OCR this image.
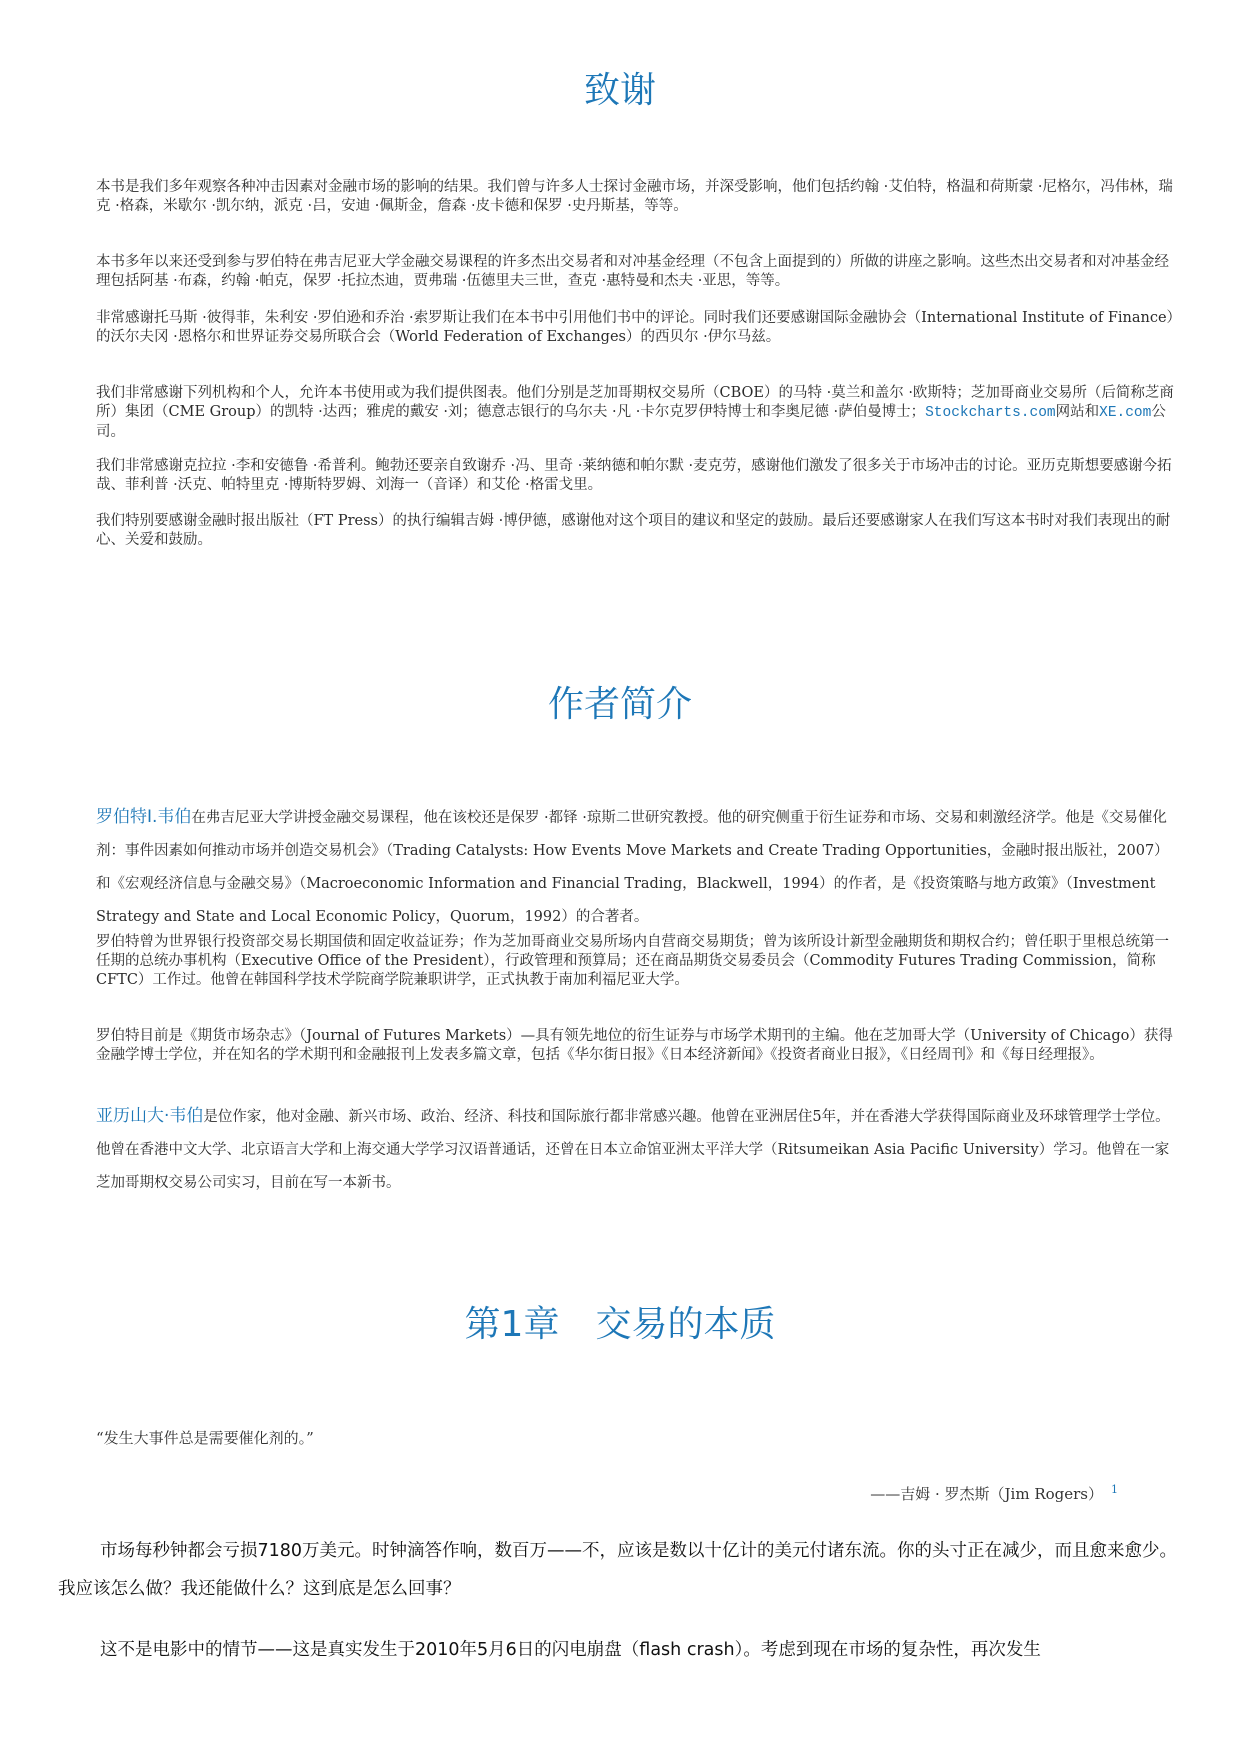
致谢

本书是我们多年观察各种冲击因素对金融市场的影响的结果。我们曾与许多人士探讨金融市场，并深受影响，他们包括约翰 ·艾伯特，格温和荷斯蒙 ·尼格尔，冯伟林，瑞克 ·格森，米歇尔 ·凯尔纳，派克 ·吕，安迪 ·佩斯金，詹森 ·皮卡德和保罗 ·史丹斯基，等等。

本书多年以来还受到参与罗伯特在弗吉尼亚大学金融交易课程的许多杰出交易者和对冲基金经理（不包含上面提到的）所做的讲座之影响。这些杰出交易者和对冲基金经理包括阿基 ·布森，约翰 ·帕克，保罗 ·托拉杰迪，贾弗瑞 ·伍德里夫三世，查克 ·惠特曼和杰夫 ·亚思，等等。

非常感谢托马斯 ·彼得菲，朱利安 ·罗伯逊和乔治 ·索罗斯让我们在本书中引用他们书中的评论。同时我们还要感谢国际金融协会（International Institute of Finance）的沃尔夫冈 ·恩格尔和世界证券交易所联合会（World Federation of Exchanges）的西贝尔 ·伊尔马兹。

我们非常感谢下列机构和个人，允许本书使用或为我们提供图表。他们分别是芝加哥期权交易所（CBOE）的马特 ·莫兰和盖尔 ·欧斯特；芝加哥商业交易所（后简称芝商所）集团（CME Group）的凯特 ·达西；雅虎的戴安 ·刘；德意志银行的乌尔夫 ·凡 ·卡尔克罗伊特博士和李奥尼德 ·萨伯曼博士；Stockcharts.com网站和XE.com公司。

我们非常感谢克拉拉 ·李和安德鲁 ·希普利。鲍勃还要亲自致谢乔 ·冯、里奇 ·莱纳德和帕尔默 ·麦克劳，感谢他们激发了很多关于市场冲击的讨论。亚历克斯想要感谢今拓哉、菲利普 ·沃克、帕特里克 ·博斯特罗姆、刘海一（音译）和艾伦 ·格雷戈里。

我们特别要感谢金融时报出版社（FT Press）的执行编辑吉姆 ·博伊德，感谢他对这个项目的建议和坚定的鼓励。最后还要感谢家人在我们写这本书时对我们表现出的耐心、关爱和鼓励。

作者简介

罗伯特I.韦伯在弗吉尼亚大学讲授金融交易课程，他在该校还是保罗 ·都铎 ·琼斯二世研究教授。他的研究侧重于衍生证券和市场、交易和刺激经济学。他是《交易催化剂：事件因素如何推动市场并创造交易机会》（Trading Catalysts: How Events Move Markets and Create Trading Opportunities，金融时报出版社，2007）和《宏观经济信息与金融交易》（Macroeconomic Information and Financial Trading，Blackwell，1994）的作者，是《投资策略与地方政策》（Investment Strategy and State and Local Economic Policy，Quorum，1992）的合著者。

罗伯特曾为世界银行投资部交易长期国债和固定收益证券；作为芝加哥商业交易所场内自营商交易期货；曾为该所设计新型金融期货和期权合约；曾任职于里根总统第一任期的总统办事机构（Executive Office of the President），行政管理和预算局；还在商品期货交易委员会（Commodity Futures Trading Commission，简称CFTC）工作过。他曾在韩国科学技术学院商学院兼职讲学，正式执教于南加利福尼亚大学。

罗伯特目前是《期货市场杂志》（Journal of Futures Markets）—具有领先地位的衍生证券与市场学术期刊的主编。他在芝加哥大学（University of Chicago）获得金融学博士学位，并在知名的学术期刊和金融报刊上发表多篇文章，包括《华尔街日报》《日本经济新闻》《投资者商业日报》，《日经周刊》和《每日经理报》。

亚历山大·韦伯是位作家，他对金融、新兴市场、政治、经济、科技和国际旅行都非常感兴趣。他曾在亚洲居住5年，并在香港大学获得国际商业及环球管理学士学位。他曾在香港中文大学、北京语言大学和上海交通大学学习汉语普通话，还曾在日本立命馆亚洲太平洋大学（Ritsumeikan Asia Pacific University）学习。他曾在一家芝加哥期权交易公司实习，目前在写一本新书。

第1章　交易的本质

“发生大事件总是需要催化剂的。”

——吉姆 · 罗杰斯（Jim Rogers） $^1$

市场每秒钟都会亏损7180万美元。时钟滴答作响，数百万——不，应该是数以十亿计的美元付诸东流。你的头寸正在减少，而且愈来愈少。我应该怎么做？我还能做什么？这到底是怎么回事？

这不是电影中的情节——这是真实发生于2010年5月6日的闪电崩盘（flash crash）。考虑到现在市场的复杂性，再次发生
